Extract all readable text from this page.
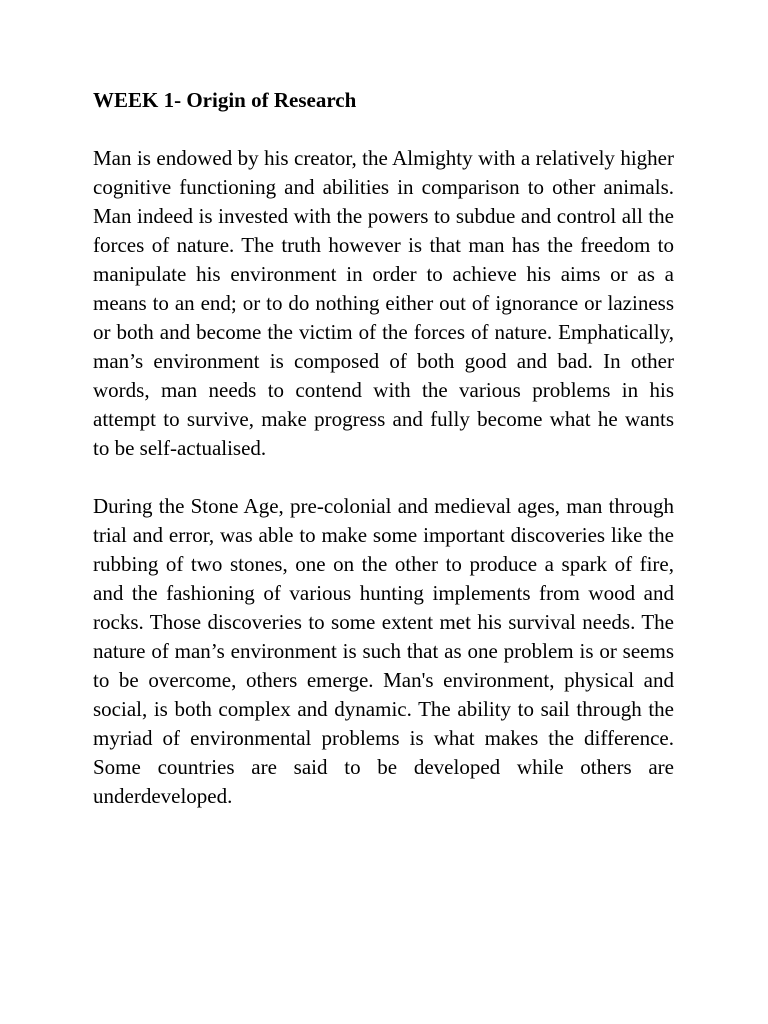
WEEK 1- Origin of Research

Man is endowed by his creator, the Almighty with a relatively higher cognitive functioning and abilities in comparison to other animals. Man indeed is invested with the powers to subdue and control all the forces of nature. The truth however is that man has the freedom to manipulate his environment in order to achieve his aims or as a means to an end; or to do nothing either out of ignorance or laziness or both and become the victim of the forces of nature. Emphatically, man’s environment is composed of both good and bad. In other words, man needs to contend with the various problems in his attempt to survive, make progress and fully become what he wants to be self-actualised.

During the Stone Age, pre-colonial and medieval ages, man through trial and error, was able to make some important discoveries like the rubbing of two stones, one on the other to produce a spark of fire, and the fashioning of various hunting implements from wood and rocks. Those discoveries to some extent met his survival needs. The nature of man’s environment is such that as one problem is or seems to be overcome, others emerge. Man's environment, physical and social, is both complex and dynamic. The ability to sail through the myriad of environmental problems is what makes the difference. Some countries are said to be developed while others are underdeveloped.
